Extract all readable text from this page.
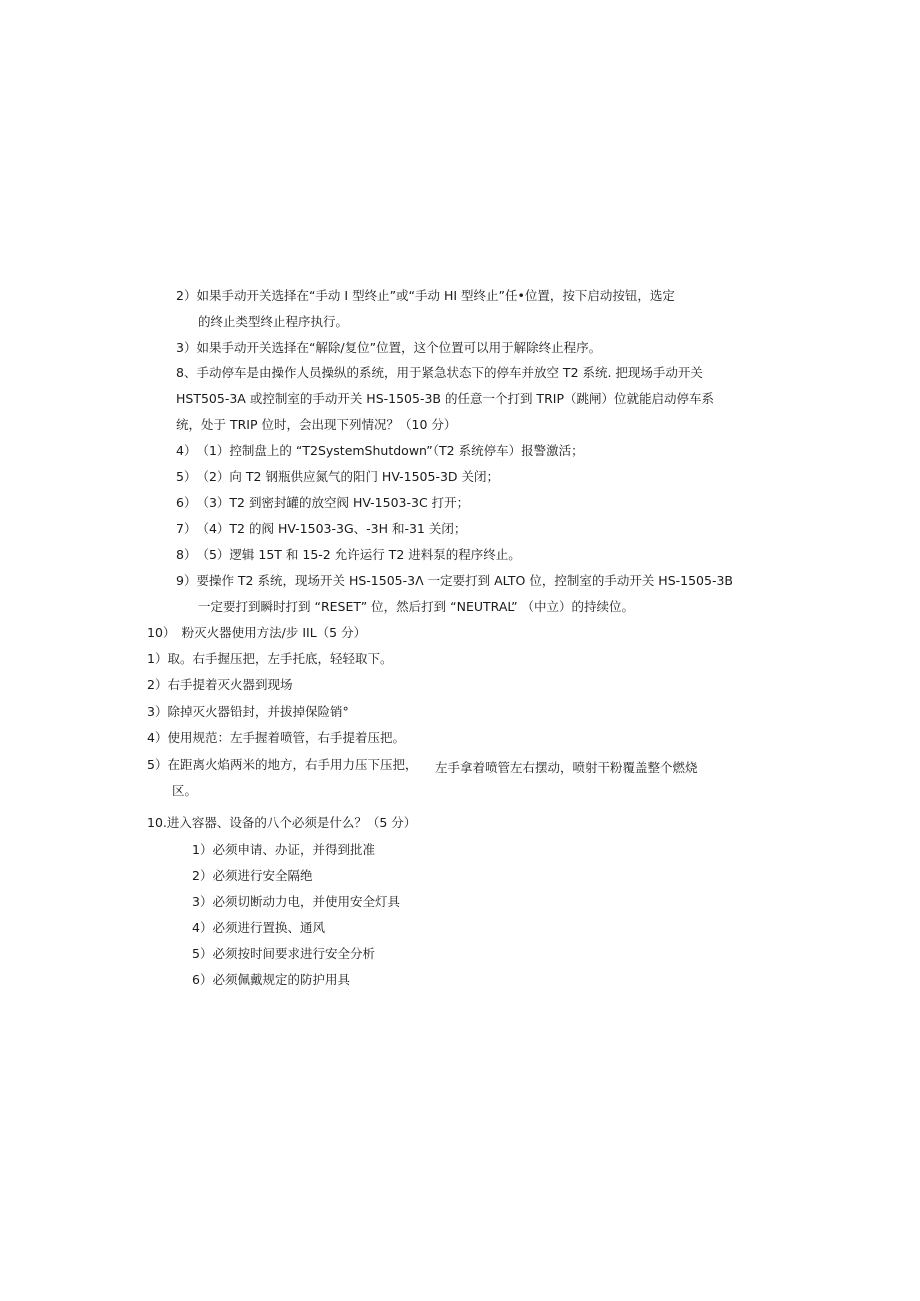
2）如果手动开关选择在“手动 I 型终止”或“手动 HI 型终止”任•位置，按下启动按钮，选定
的终止类型终止程序执行。
3）如果手动开关选择在“解除/复位”位置，这个位置可以用于解除终止程序。
8、手动停车是由操作人员操纵的系统，用于紧急状态下的停车并放空 T2 系统. 把现场手动开关
HST505-3A 或控制室的手动开关 HS-1505-3B 的任意一个打到 TRIP（跳闸）位就能启动停车系
统，处于 TRIP 位时，会出现下列情况？（10 分）
4）　（1）控制盘上的 “T2SystemShutdown”（T2 系统停车）报警激活；
5）　（2）向 T2 钢瓶供应氮气的阳门 HV-1505-3D 关闭；
6）　（3）T2 到密封罐的放空阀 HV-1503-3C 打开；
7）　（4）T2 的阀 HV-1503-3G、-3H 和-31 关闭；
8）　（5）逻辑 15T 和 15-2 允许运行 T2 进料泵的程序终止。
9）要操作 T2 系统，现场开关 HS-1505-3Λ 一定要打到 ALTO 位，控制室的手动开关 HS-1505-3B
一定要打到瞬时打到 “RESET” 位，然后打到 “NEUTRAL” （中立）的持续位。
10）　粉灭火器使用方法/步 IIL（5 分）
1）取。右手握压把，左手托底，轻轻取下。
2）右手提着灭火器到现场
3）除掉灭火器铅封，并拔掉保险销°
4）使用规范：左手握着喷管，右手提着压把。
5）在距离火焰两米的地方，右手用力压下压把， 左手拿着喷管左右摆动，喷射干粉覆盖整个燃烧
区。
10.进入容器、设备的八个必须是什么？（5 分）
1）必须申请、办证，并得到批准
2）必须进行安全隔绝
3）必须切断动力电，并使用安全灯具
4）必须进行置换、通风
5）必须按时间要求进行安全分析
6）必须佩戴规定的防护用具
